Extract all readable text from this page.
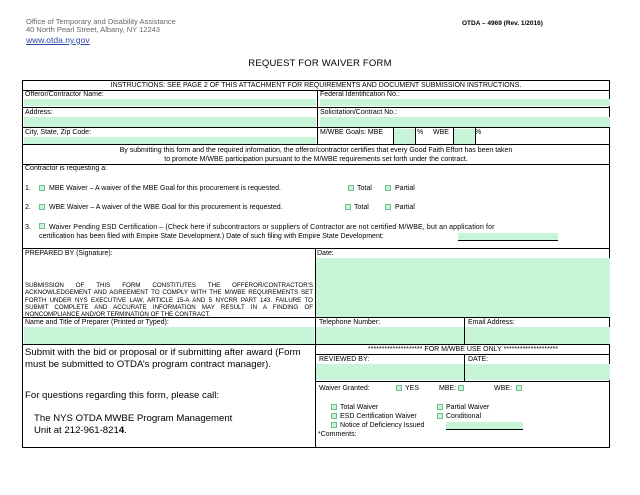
Office of Temporary and Disability Assistance
40 North Pearl Street, Albany, NY 12243
www.otda.ny.gov
OTDA – 4969 (Rev. 1/2016)
REQUEST FOR WAIVER FORM
INSTRUCTIONS: SEE PAGE 2 OF THIS ATTACHMENT FOR REQUIREMENTS AND DOCUMENT SUBMISSION INSTRUCTIONS.
Offeror/Contractor Name:	Federal Identification No.:
Address:	Solicitation/Contract No.:
City, State, Zip Code:	M/WBE Goals: MBE	% WBE	%
By submitting this form and the required information, the offeror/contractor certifies that every Good Faith Effort has been taken
to promote M/WBE participation pursuant to the M/WBE requirements set forth under the contract.
Contractor is requesting a:
1.	MBE Waiver – A waiver of the MBE Goal for this procurement is requested.	Total	Partial
2.	WBE Waiver – A waiver of the WBE Goal for this procurement is requested.	Total	Partial
3.	Waiver Pending ESD Certification – (Check here if subcontractors or suppliers of Contractor are not certified M/WBE, but an application for
certification has been filed with Empire State Development.) Date of such filing with Empire State Development:
PREPARED BY (Signature):	Date:
SUBMISSION OF THIS FORM CONSTITUTES THE OFFEROR/CONTRACTOR'S ACKNOWLEDGEMENT AND AGREEMENT TO COMPLY WITH THE M/WBE REQUIREMENTS SET FORTH UNDER NYS EXECUTIVE LAW, ARTICLE 15-A AND 5 NYCRR PART 143. FAILURE TO SUBMIT COMPLETE AND ACCURATE INFORMATION MAY RESULT IN A FINDING OF NONCOMPLIANCE AND/OR TERMINATION OF THE CONTRACT.
Name and Title of Preparer (Printed or Typed):	Telephone Number:	Email Address:
Submit with the bid or proposal or if submitting after award (Form must be submitted to OTDA’s program contract manager).
For questions regarding this form, please call:
The NYS OTDA MWBE Program Management
Unit at 212-961-8214.
******************** FOR M/WBE USE ONLY ********************
REVIEWED BY:	DATE:
Waiver Granted:	YES	MBE:	WBE:
Total Waiver	Partial Waiver
ESD Certification Waiver	Conditional
Notice of Deficiency Issued
*Comments:
